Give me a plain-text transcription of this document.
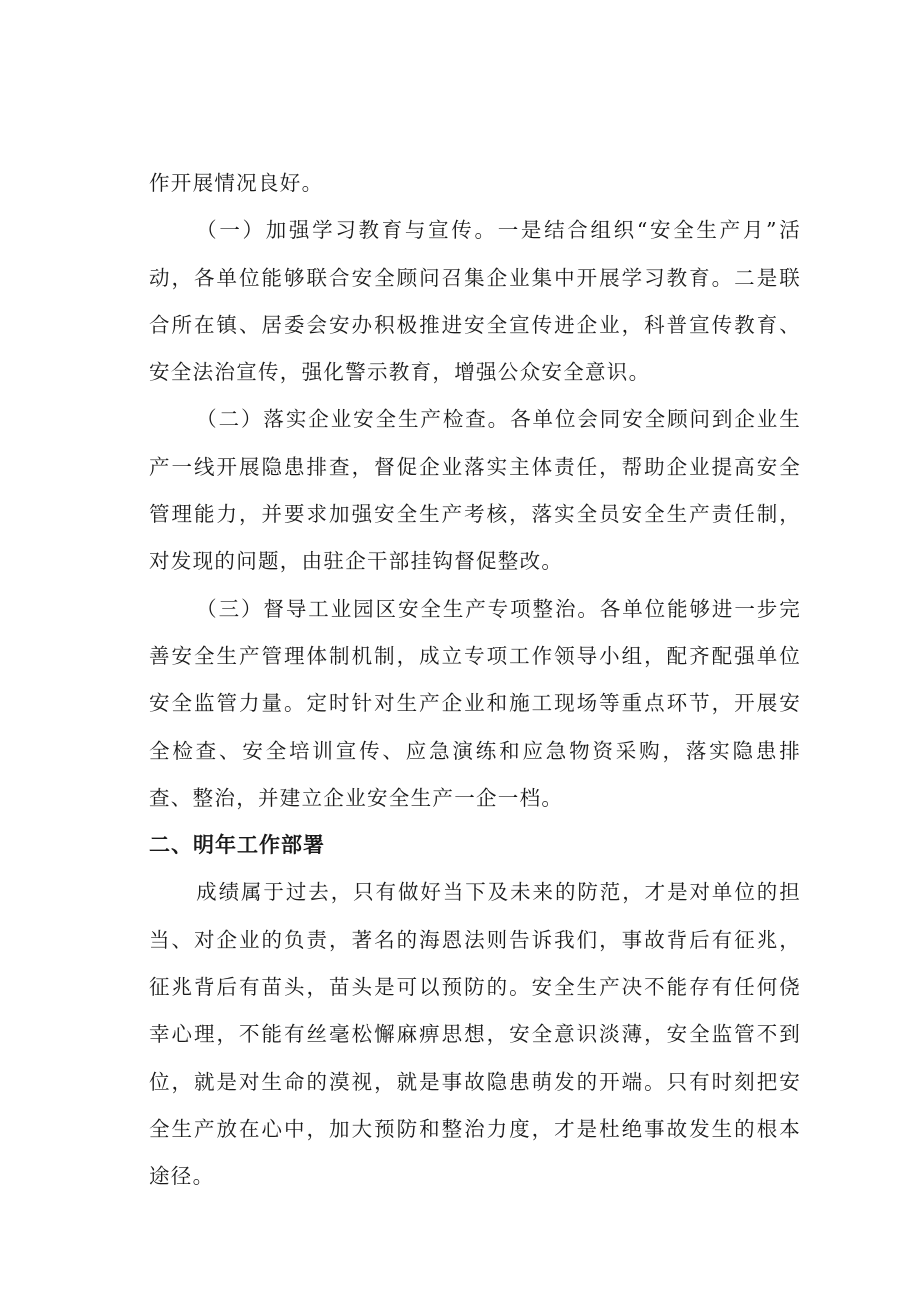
作开展情况良好。

（一）加强学习教育与宣传。一是结合组织“安全生产月”活动，各单位能够联合安全顾问召集企业集中开展学习教育。二是联合所在镇、居委会安办积极推进安全宣传进企业，科普宣传教育、安全法治宣传，强化警示教育，增强公众安全意识。

（二）落实企业安全生产检查。各单位会同安全顾问到企业生产一线开展隐患排查，督促企业落实主体责任，帮助企业提高安全管理能力，并要求加强安全生产考核，落实全员安全生产责任制，对发现的问题，由驻企干部挂钩督促整改。

（三）督导工业园区安全生产专项整治。各单位能够进一步完善安全生产管理体制机制，成立专项工作领导小组，配齐配强单位安全监管力量。定时针对生产企业和施工现场等重点环节，开展安全检查、安全培训宣传、应急演练和应急物资采购，落实隐患排查、整治，并建立企业安全生产一企一档。

二、明年工作部署

成绩属于过去，只有做好当下及未来的防范，才是对单位的担当、对企业的负责，著名的海恩法则告诉我们，事故背后有征兆，征兆背后有苗头，苗头是可以预防的。安全生产决不能存有任何侥幸心理，不能有丝毫松懈麻痹思想，安全意识淡薄，安全监管不到位，就是对生命的漠视，就是事故隐患萌发的开端。只有时刻把安全生产放在心中，加大预防和整治力度，才是杜绝事故发生的根本途径。
